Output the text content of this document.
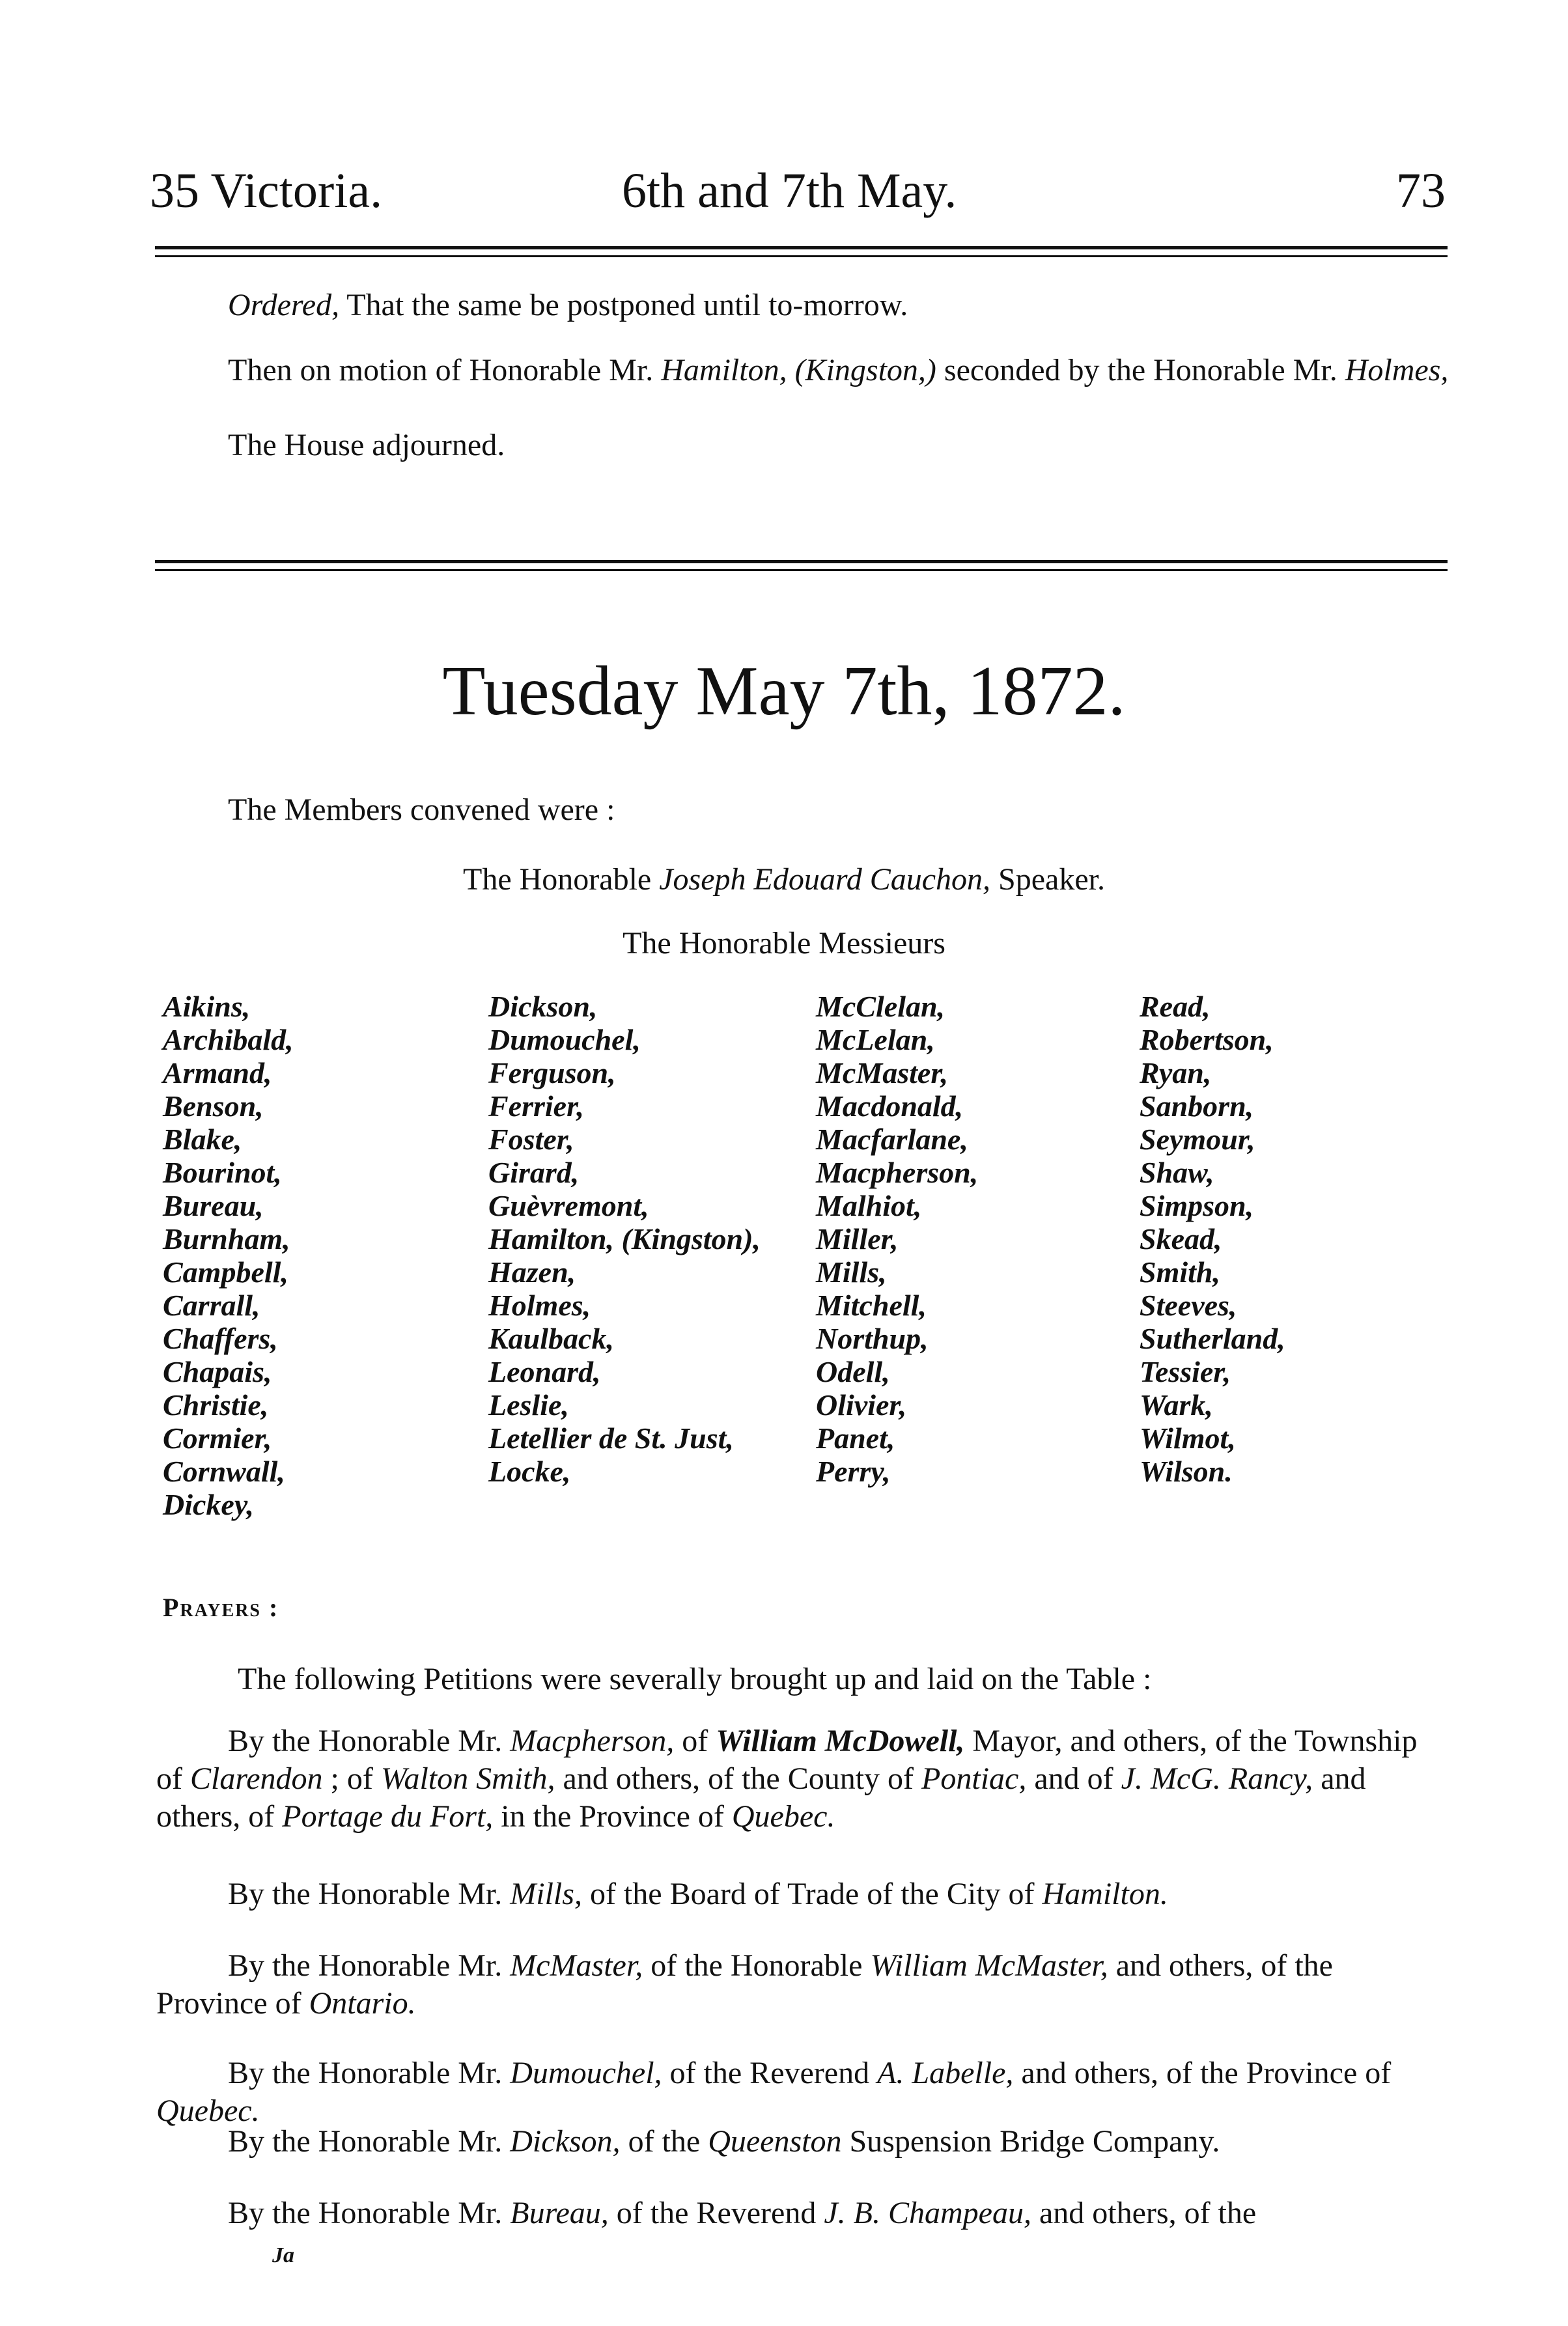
35 Victoria.	6th and 7th May.	73
Ordered, That the same be postponed until to-morrow.
Then on motion of Honorable Mr. Hamilton, (Kingston,) seconded by the Honorable Mr. Holmes,
The House adjourned.
Tuesday May 7th, 1872.
The Members convened were :
The Honorable Joseph Edouard Cauchon, Speaker.
The Honorable Messieurs
Aikins,
Archibald,
Armand,
Benson,
Blake,
Bourinot,
Bureau,
Burnham,
Campbell,
Carrall,
Chaffers,
Chapais,
Christie,
Cormier,
Cornwall,
Dickey,
Dickson,
Dumouchel,
Ferguson,
Ferrier,
Foster,
Girard,
Guèvremont,
Hamilton, (Kingston),
Hazen,
Holmes,
Kaulback,
Leonard,
Leslie,
Letellier de St. Just,
Locke,
McClelan,
McLelan,
McMaster,
Macdonald,
Macfarlane,
Macpherson,
Malhiot,
Miller,
Mills,
Mitchell,
Northup,
Odell,
Olivier,
Panet,
Perry,
Read,
Robertson,
Ryan,
Sanborn,
Seymour,
Shaw,
Simpson,
Skead,
Smith,
Steeves,
Sutherland,
Tessier,
Wark,
Wilmot,
Wilson.
Prayers :
The following Petitions were severally brought up and laid on the Table :
By the Honorable Mr. Macpherson, of William McDowell, Mayor, and others, of the Township of Clarendon ; of Walton Smith, and others, of the County of Pontiac, and of J. McG. Rancy, and others, of Portage du Fort, in the Province of Quebec.
By the Honorable Mr. Mills, of the Board of Trade of the City of Hamilton.
By the Honorable Mr. McMaster, of the Honorable William McMaster, and others, of the Province of Ontario.
By the Honorable Mr. Dumouchel, of the Reverend A. Labelle, and others, of the Province of Quebec.
By the Honorable Mr. Dickson, of the Queenston Suspension Bridge Company.
By the Honorable Mr. Bureau, of the Reverend J. B. Champeau, and others, of the
Ja
